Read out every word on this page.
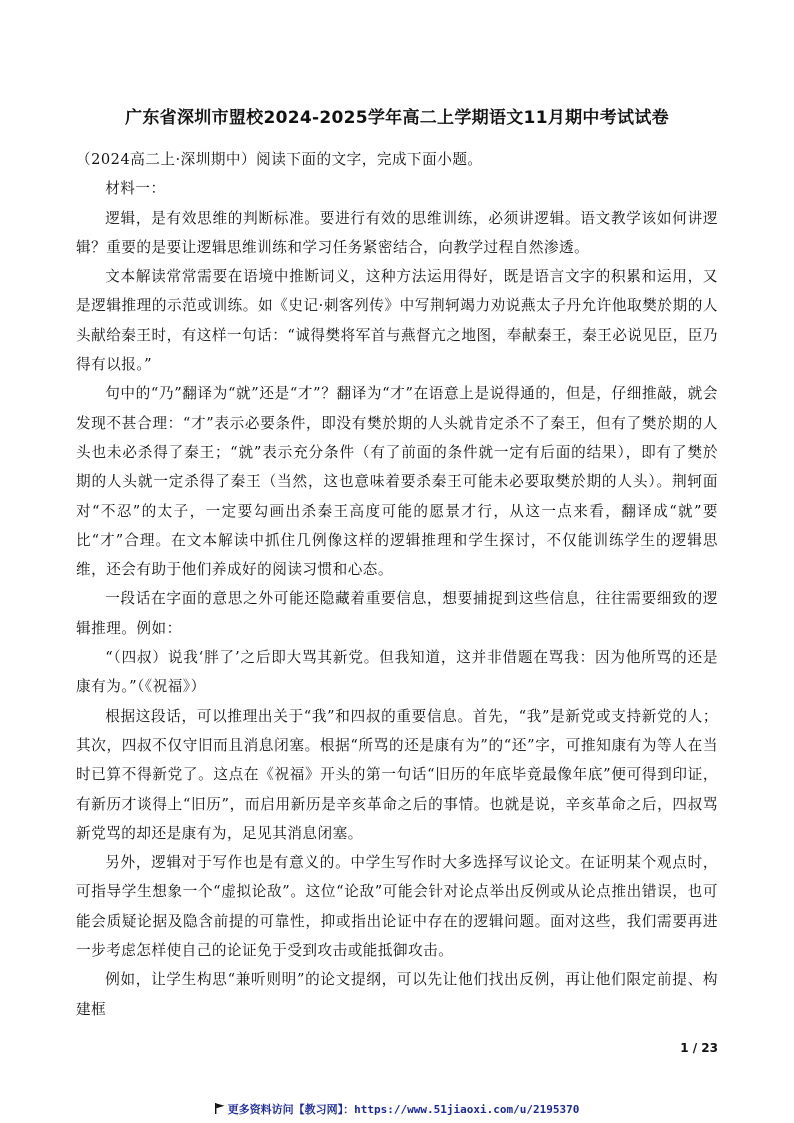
广东省深圳市盟校2024-2025学年高二上学期语文11月期中考试试卷

（2024高二上·深圳期中）阅读下面的文字，完成下面小题。

材料一：

逻辑，是有效思维的判断标准。要进行有效的思维训练，必须讲逻辑。语文教学该如何讲逻辑？重要的是要让逻辑思维训练和学习任务紧密结合，向教学过程自然渗透。

文本解读常常需要在语境中推断词义，这种方法运用得好，既是语言文字的积累和运用，又是逻辑推理的示范或训练。如《史记·刺客列传》中写荆轲竭力劝说燕太子丹允许他取樊於期的人头献给秦王时，有这样一句话：“诚得樊将军首与燕督亢之地图，奉献秦王，秦王必说见臣，臣乃得有以报。”

句中的“乃”翻译为“就”还是“才”？翻译为“才”在语意上是说得通的，但是，仔细推敲，就会发现不甚合理：“才”表示必要条件，即没有樊於期的人头就肯定杀不了秦王，但有了樊於期的人头也未必杀得了秦王；“就”表示充分条件（有了前面的条件就一定有后面的结果），即有了樊於期的人头就一定杀得了秦王（当然，这也意味着要杀秦王可能未必要取樊於期的人头）。荆轲面对“不忍”的太子，一定要勾画出杀秦王高度可能的愿景才行，从这一点来看，翻译成“就”要比“才”合理。在文本解读中抓住几例像这样的逻辑推理和学生探讨，不仅能训练学生的逻辑思维，还会有助于他们养成好的阅读习惯和心态。

一段话在字面的意思之外可能还隐藏着重要信息，想要捕捉到这些信息，往往需要细致的逻辑推理。例如：

“（四叔）说我‘胖了’之后即大骂其新党。但我知道，这并非借题在骂我：因为他所骂的还是康有为。”（《祝福》）

根据这段话，可以推理出关于“我”和四叔的重要信息。首先，“我”是新党或支持新党的人；其次，四叔不仅守旧而且消息闭塞。根据“所骂的还是康有为”的“还”字，可推知康有为等人在当时已算不得新党了。这点在《祝福》开头的第一句话“旧历的年底毕竟最像年底”便可得到印证，有新历才谈得上“旧历”，而启用新历是辛亥革命之后的事情。也就是说，辛亥革命之后，四叔骂新党骂的却还是康有为，足见其消息闭塞。

另外，逻辑对于写作也是有意义的。中学生写作时大多选择写议论文。在证明某个观点时，可指导学生想象一个“虚拟论敌”。这位“论敌”可能会针对论点举出反例或从论点推出错误，也可能会质疑论据及隐含前提的可靠性，抑或指出论证中存在的逻辑问题。面对这些，我们需要再进一步考虑怎样使自己的论证免于受到攻击或能抵御攻击。

例如，让学生构思“兼听则明”的论文提纲，可以先让他们找出反例，再让他们限定前提、构建框

1 / 23
更多资料访问【教习网】：https://www.51jiaoxi.com/u/2195370
